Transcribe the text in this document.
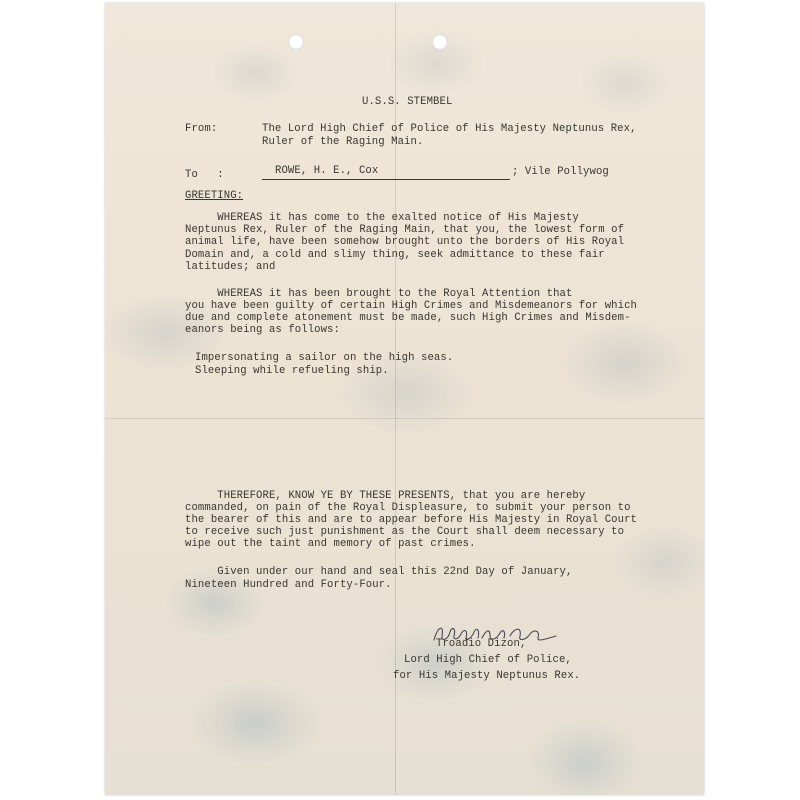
U.S.S. STEMBEL
From:	The Lord High Chief of Police of His Majesty Neptunus Rex,
Ruler of the Raging Main.
To   :	ROWE, H. E., Cox	; Vile Pollywog
GREETING:
WHEREAS it has come to the exalted notice of His Majesty
Neptunus Rex, Ruler of the Raging Main, that you, the lowest form of
animal life, have been somehow brought unto the borders of His Royal
Domain and, a cold and slimy thing, seek admittance to these fair
latitudes; and
WHEREAS it has been brought to the Royal Attention that
you have been guilty of certain High Crimes and Misdemeanors for which
due and complete atonement must be made, such High Crimes and Misdem-
eanors being as follows:
Impersonating a sailor on the high seas.
Sleeping while refueling ship.
THEREFORE, KNOW YE BY THESE PRESENTS, that you are hereby
commanded, on pain of the Royal Displeasure, to submit your person to
the bearer of this and are to appear before His Majesty in Royal Court
to receive such just punishment as the Court shall deem necessary to
wipe out the taint and memory of past crimes.
Given under our hand and seal this 22nd Day of January,
Nineteen Hundred and Forty-Four.
Troadio Dizon,
Lord High Chief of Police,
for His Majesty Neptunus Rex.
